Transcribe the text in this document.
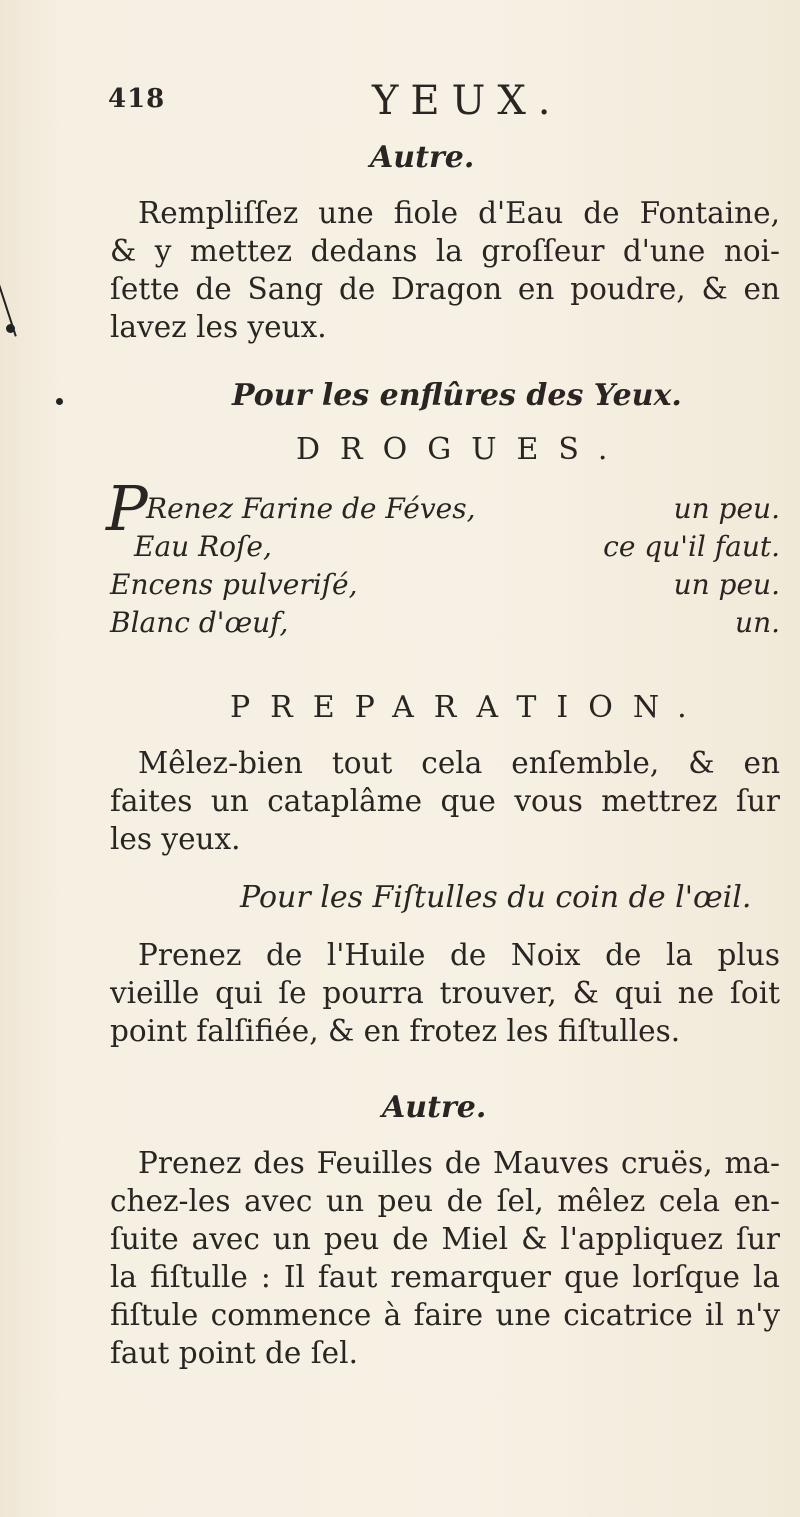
418	YEUX.
Autre.

Rempliſſez une fiole d'Eau de Fontaine,
& y mettez dedans la groſſeur d'une noi-
ſette de Sang de Dragon en poudre, & en
lavez les yeux.

Pour les enflûres des Yeux.
DROGUES.
P
Renez Farine de Féves,	un peu.
Eau Roſe,	ce qu'il faut.
Encens pulveriſé,	un peu.
Blanc d'œuf,	un.
PREPARATION.

Mêlez-bien tout cela enſemble, & en
faites un cataplâme que vous mettrez ſur
les yeux.

Pour les Fiſtulles du coin de l'œil.

Prenez de l'Huile de Noix de la plus
vieille qui ſe pourra trouver, & qui ne ſoit
point falſifiée, & en frotez les fiſtulles.

Autre.

Prenez des Feuilles de Mauves cruës, ma-
chez-les avec un peu de ſel, mêlez cela en-
ſuite avec un peu de Miel & l'appliquez ſur
la fiſtulle : Il faut remarquer que lorſque la
fiſtule commence à faire une cicatrice il n'y
faut point de ſel.
